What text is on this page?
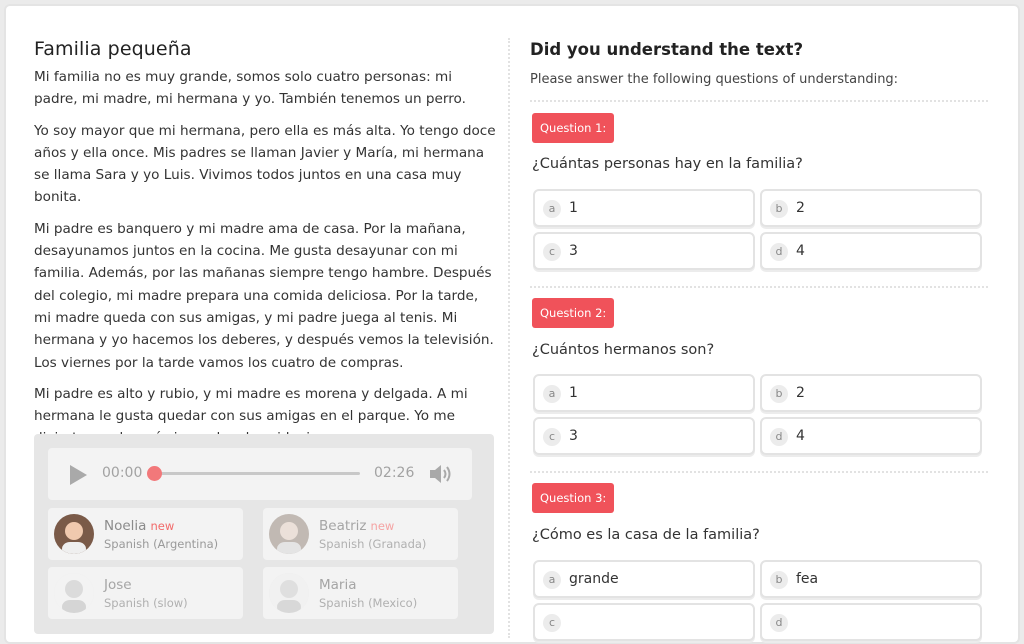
Familia pequeña

Mi familia no es muy grande, somos solo cuatro personas: mi padre, mi madre, mi hermana y yo. También tenemos un perro.

Yo soy mayor que mi hermana, pero ella es más alta. Yo tengo doce años y ella once. Mis padres se llaman Javier y María, mi hermana se llama Sara y yo Luis. Vivimos todos juntos en una casa muy bonita.

Mi padre es banquero y mi madre ama de casa. Por la mañana, desayunamos juntos en la cocina. Me gusta desayunar con mi familia. Además, por las mañanas siempre tengo hambre. Después del colegio, mi madre prepara una comida deliciosa. Por la tarde, mi madre queda con sus amigas, y mi padre juega al tenis. Mi hermana y yo hacemos los deberes, y después vemos la televisión. Los viernes por la tarde vamos los cuatro de compras.

Mi padre es alto y rubio, y mi madre es morena y delgada. A mi hermana le gusta quedar con sus amigas en el parque. Yo me

00:00	02:26
Noelia new
Spanish (Argentina)
Beatriz new
Spanish (Granada)
Jose
Spanish (slow)
Maria
Spanish (Mexico)
Did you understand the text?
Please answer the following questions of understanding:
Question 1:
¿Cuántas personas hay en la familia?
a 1	b 2
c 3	d 4
Question 2:
¿Cuántos hermanos son?
a 1	b 2
c 3	d 4
Question 3:
¿Cómo es la casa de la familia?
a grande	b fea
c	d
